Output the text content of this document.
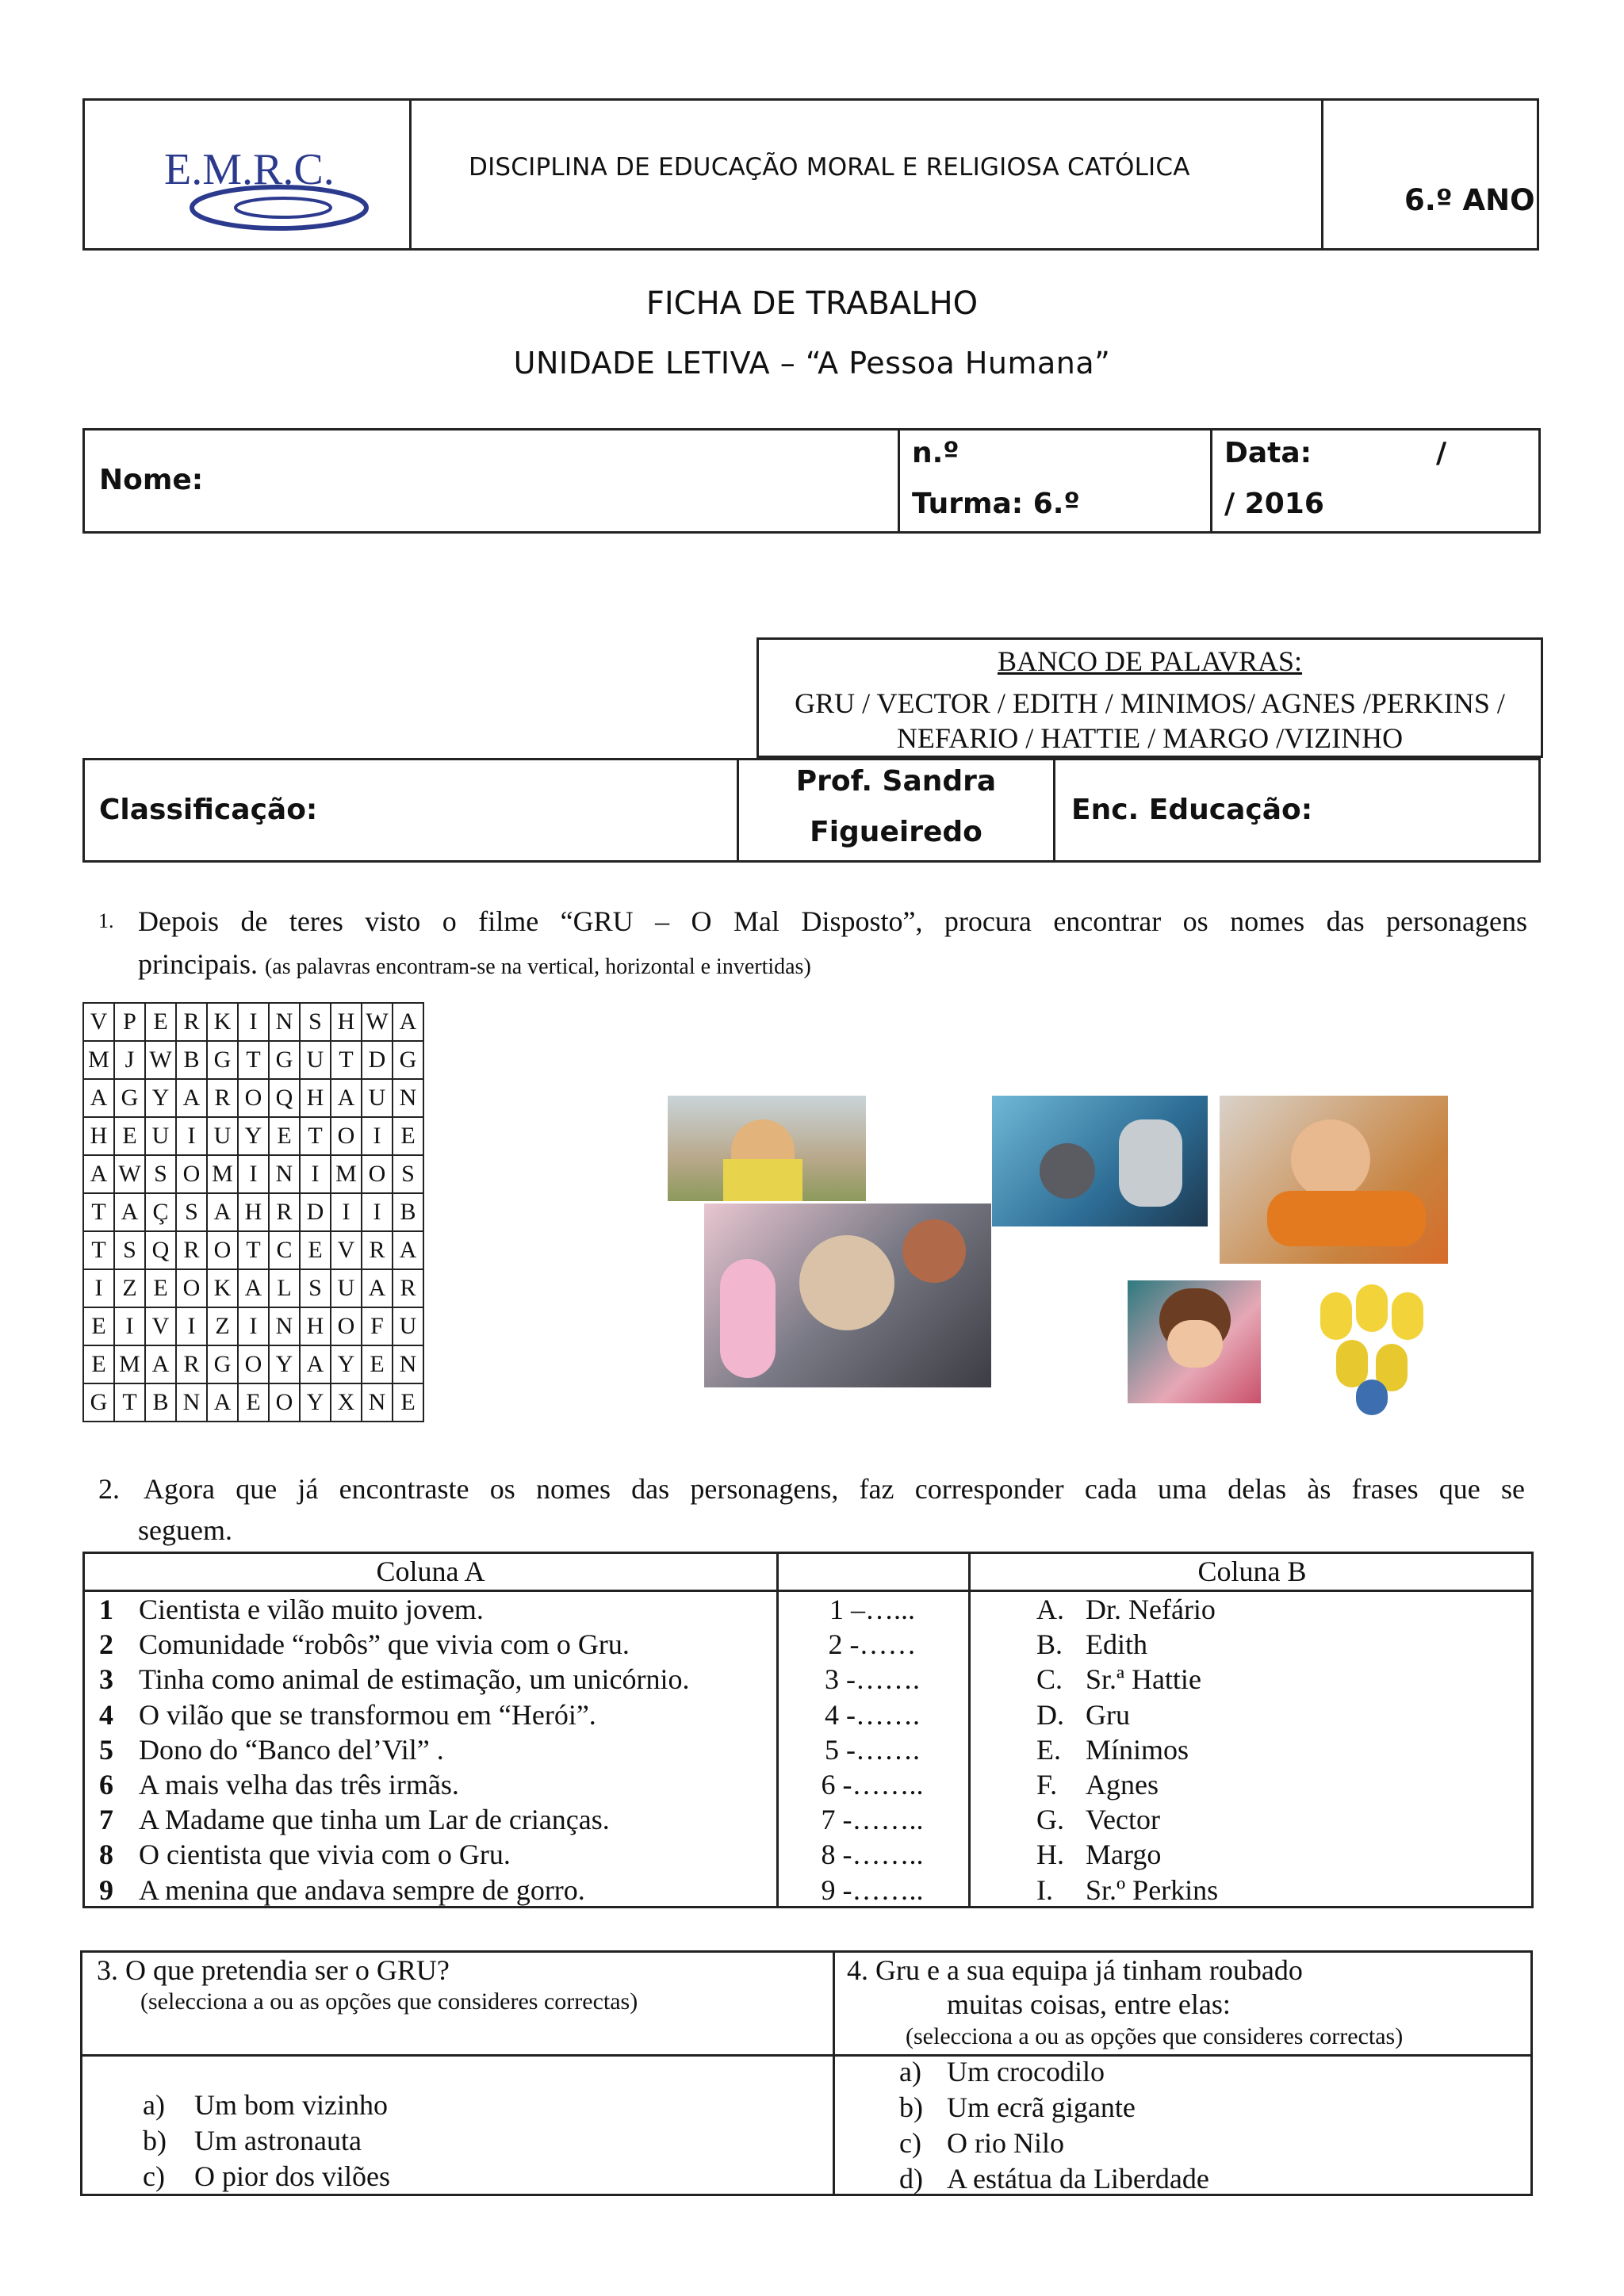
E.M.R.C.	DISCIPLINA DE EDUCAÇÃO MORAL E RELIGIOSA CATÓLICA
6.º ANO
FICHA DE TRABALHO
UNIDADE LETIVA – “A Pessoa Humana”
Nome:
n.º
Turma: 6.º
Data:	/
/ 2016
BANCO DE PALAVRAS:
GRU / VECTOR / EDITH / MINIMOS/ AGNES /PERKINS /
NEFARIO / HATTIE / MARGO /VIZINHO
Classificação:
Prof. Sandra
Figueiredo
Enc. Educação:
1. Depois de teres visto o filme “GRU – O Mal Disposto”, procura encontrar os nomes das personagens
principais. (as palavras encontram-se na vertical, horizontal e invertidas)
V	P	E	R	K	I	N	S	H	W	A
M	J	W	B	G	T	G	U	T	D	G
A	G	Y	A	R	O	Q	H	A	U	N
H	E	U	I	U	Y	E	T	O	I	E
A	W	S	O	M	I	N	I	M	O	S
T	A	Ç	S	A	H	R	D	I	I	B
T	S	Q	R	O	T	C	E	V	R	A
I	Z	E	O	K	A	L	S	U	A	R
E	I	V	I	Z	I	N	H	O	F	U
E	M	A	R	G	O	Y	A	Y	E	N
G	T	B	N	A	E	O	Y	X	N	E
2. Agora que já encontraste os nomes das personagens, faz corresponder cada uma delas às frases que se
seguem.
Coluna A	Coluna B
1 Cientista e vilão muito jovem.	1 –…...	A. Dr. Nefário
2 Comunidade “robôs” que vivia com o Gru.	2 -……	B. Edith
3 Tinha como animal de estimação, um unicórnio.	3 -…….	C. Sr.ª Hattie
4 O vilão que se transformou em “Herói”.	4 -…….	D. Gru
5 Dono do “Banco del’Vil” .	5 -…….	E. Mínimos
6 A mais velha das três irmãs.	6 -……..	F. Agnes
7 A Madame que tinha um Lar de crianças.	7 -……..	G. Vector
8 O cientista que vivia com o Gru.	8 -……..	H. Margo
9 A menina que andava sempre de gorro.	9 -……..	I.	Sr.º Perkins
3. O que pretendia ser o GRU?
(selecciona a ou as opções que consideres correctas)
4. Gru e a sua equipa já tinham roubado
muitas coisas, entre elas:
(selecciona a ou as opções que consideres correctas)
a) Um bom vizinho
b) Um astronauta
c) O pior dos vilões
a) Um crocodilo
b) Um ecrã gigante
c) O rio Nilo
d) A estátua da Liberdade
